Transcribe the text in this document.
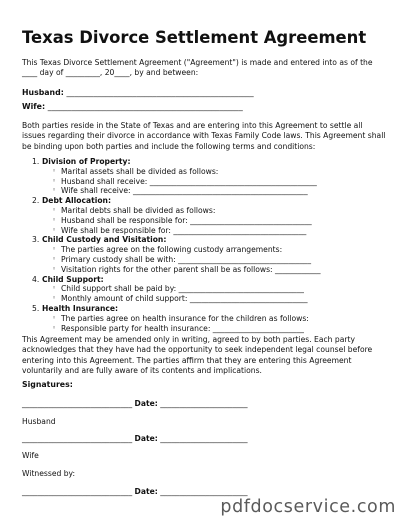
Texas Divorce Settlement Agreement

This Texas Divorce Settlement Agreement ("Agreement") is made and entered into as of the ____ day of _________, 20____, by and between:

Husband: ________________________________________________
Wife: __________________________________________________

Both parties reside in the State of Texas and are entering into this Agreement to settle all issues regarding their divorce in accordance with Texas Family Code laws. This Agreement shall be binding upon both parties and include the following terms and conditions:

1. Division of Property:
◦ Marital assets shall be divided as follows:
◦ Husband shall receive: ____________________________________________
◦ Wife shall receive: ______________________________________________
2. Debt Allocation:
◦ Marital debts shall be divided as follows:
◦ Husband shall be responsible for: ________________________________
◦ Wife shall be responsible for: ___________________________________
3. Child Custody and Visitation:
◦ The parties agree on the following custody arrangements:
◦ Primary custody shall be with: ___________________________________
◦ Visitation rights for the other parent shall be as follows: ____________
4. Child Support:
◦ Child support shall be paid by: _________________________________
◦ Monthly amount of child support: _______________________________
5. Health Insurance:
◦ The parties agree on health insurance for the children as follows:
◦ Responsible party for health insurance: ________________________

This Agreement may be amended only in writing, agreed to by both parties. Each party acknowledges that they have had the opportunity to seek independent legal counsel before entering into this Agreement. The parties affirm that they are entering this Agreement voluntarily and are fully aware of its contents and implications.

Signatures:
_____________________________ Date: _______________________
Husband
_____________________________ Date: _______________________
Wife
Witnessed by:
_____________________________ Date: _______________________
pdfdocservice.com
